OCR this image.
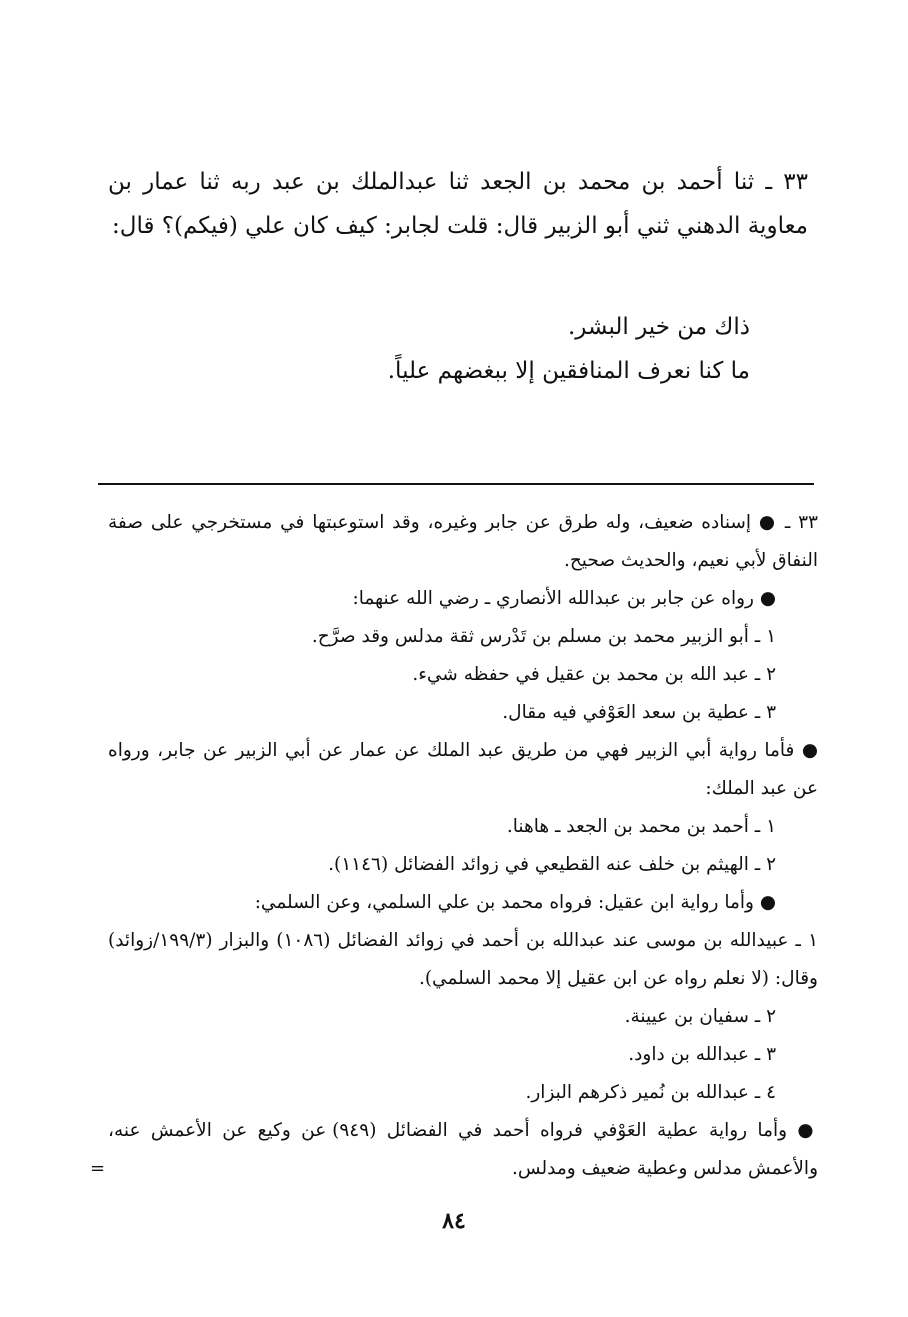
٣٣ ـ ثنا أحمد بن محمد بن الجعد ثنا عبدالملك بن عبد ربه ثنا عمار بن معاوية الدهني ثني أبو الزبير قال: قلت لجابر: كيف كان علي (فيكم)؟ قال:

ذاك من خير البشر.

ما كنا نعرف المنافقين إلا ببغضهم علياً.

٣٣ ـ ● إسناده ضعيف، وله طرق عن جابر وغيره، وقد استوعبتها في مستخرجي على صفة النفاق لأبي نعيم، والحديث صحيح.

● رواه عن جابر بن عبدالله الأنصاري ـ رضي الله عنهما:

١ ـ أبو الزبير محمد بن مسلم بن تَدْرس ثقة مدلس وقد صرَّح.

٢ ـ عبد الله بن محمد بن عقيل في حفظه شيء.

٣ ـ عطية بن سعد العَوْفي فيه مقال.

● فأما رواية أبي الزبير فهي من طريق عبد الملك عن عمار عن أبي الزبير عن جابر، ورواه عن عبد الملك:

١ ـ أحمد بن محمد بن الجعد ـ هاهنا.

٢ ـ الهيثم بن خلف عنه القطيعي في زوائد الفضائل (١١٤٦).

● وأما رواية ابن عقيل: فرواه محمد بن علي السلمي، وعن السلمي:

١ ـ عبيدالله بن موسى عند عبدالله بن أحمد في زوائد الفضائل (١٠٨٦) والبزار (١٩٩/٣/زوائد) وقال: (لا نعلم رواه عن ابن عقيل إلا محمد السلمي).

٢ ـ سفيان بن عيينة.

٣ ـ عبدالله بن داود.

٤ ـ عبدالله بن نُمير ذكرهم البزار.

● وأما رواية عطية العَوْفي فرواه أحمد في الفضائل (٩٤٩) عن وكيع عن الأعمش عنه، والأعمش مدلس وعطية ضعيف ومدلس.

=
٨٤
